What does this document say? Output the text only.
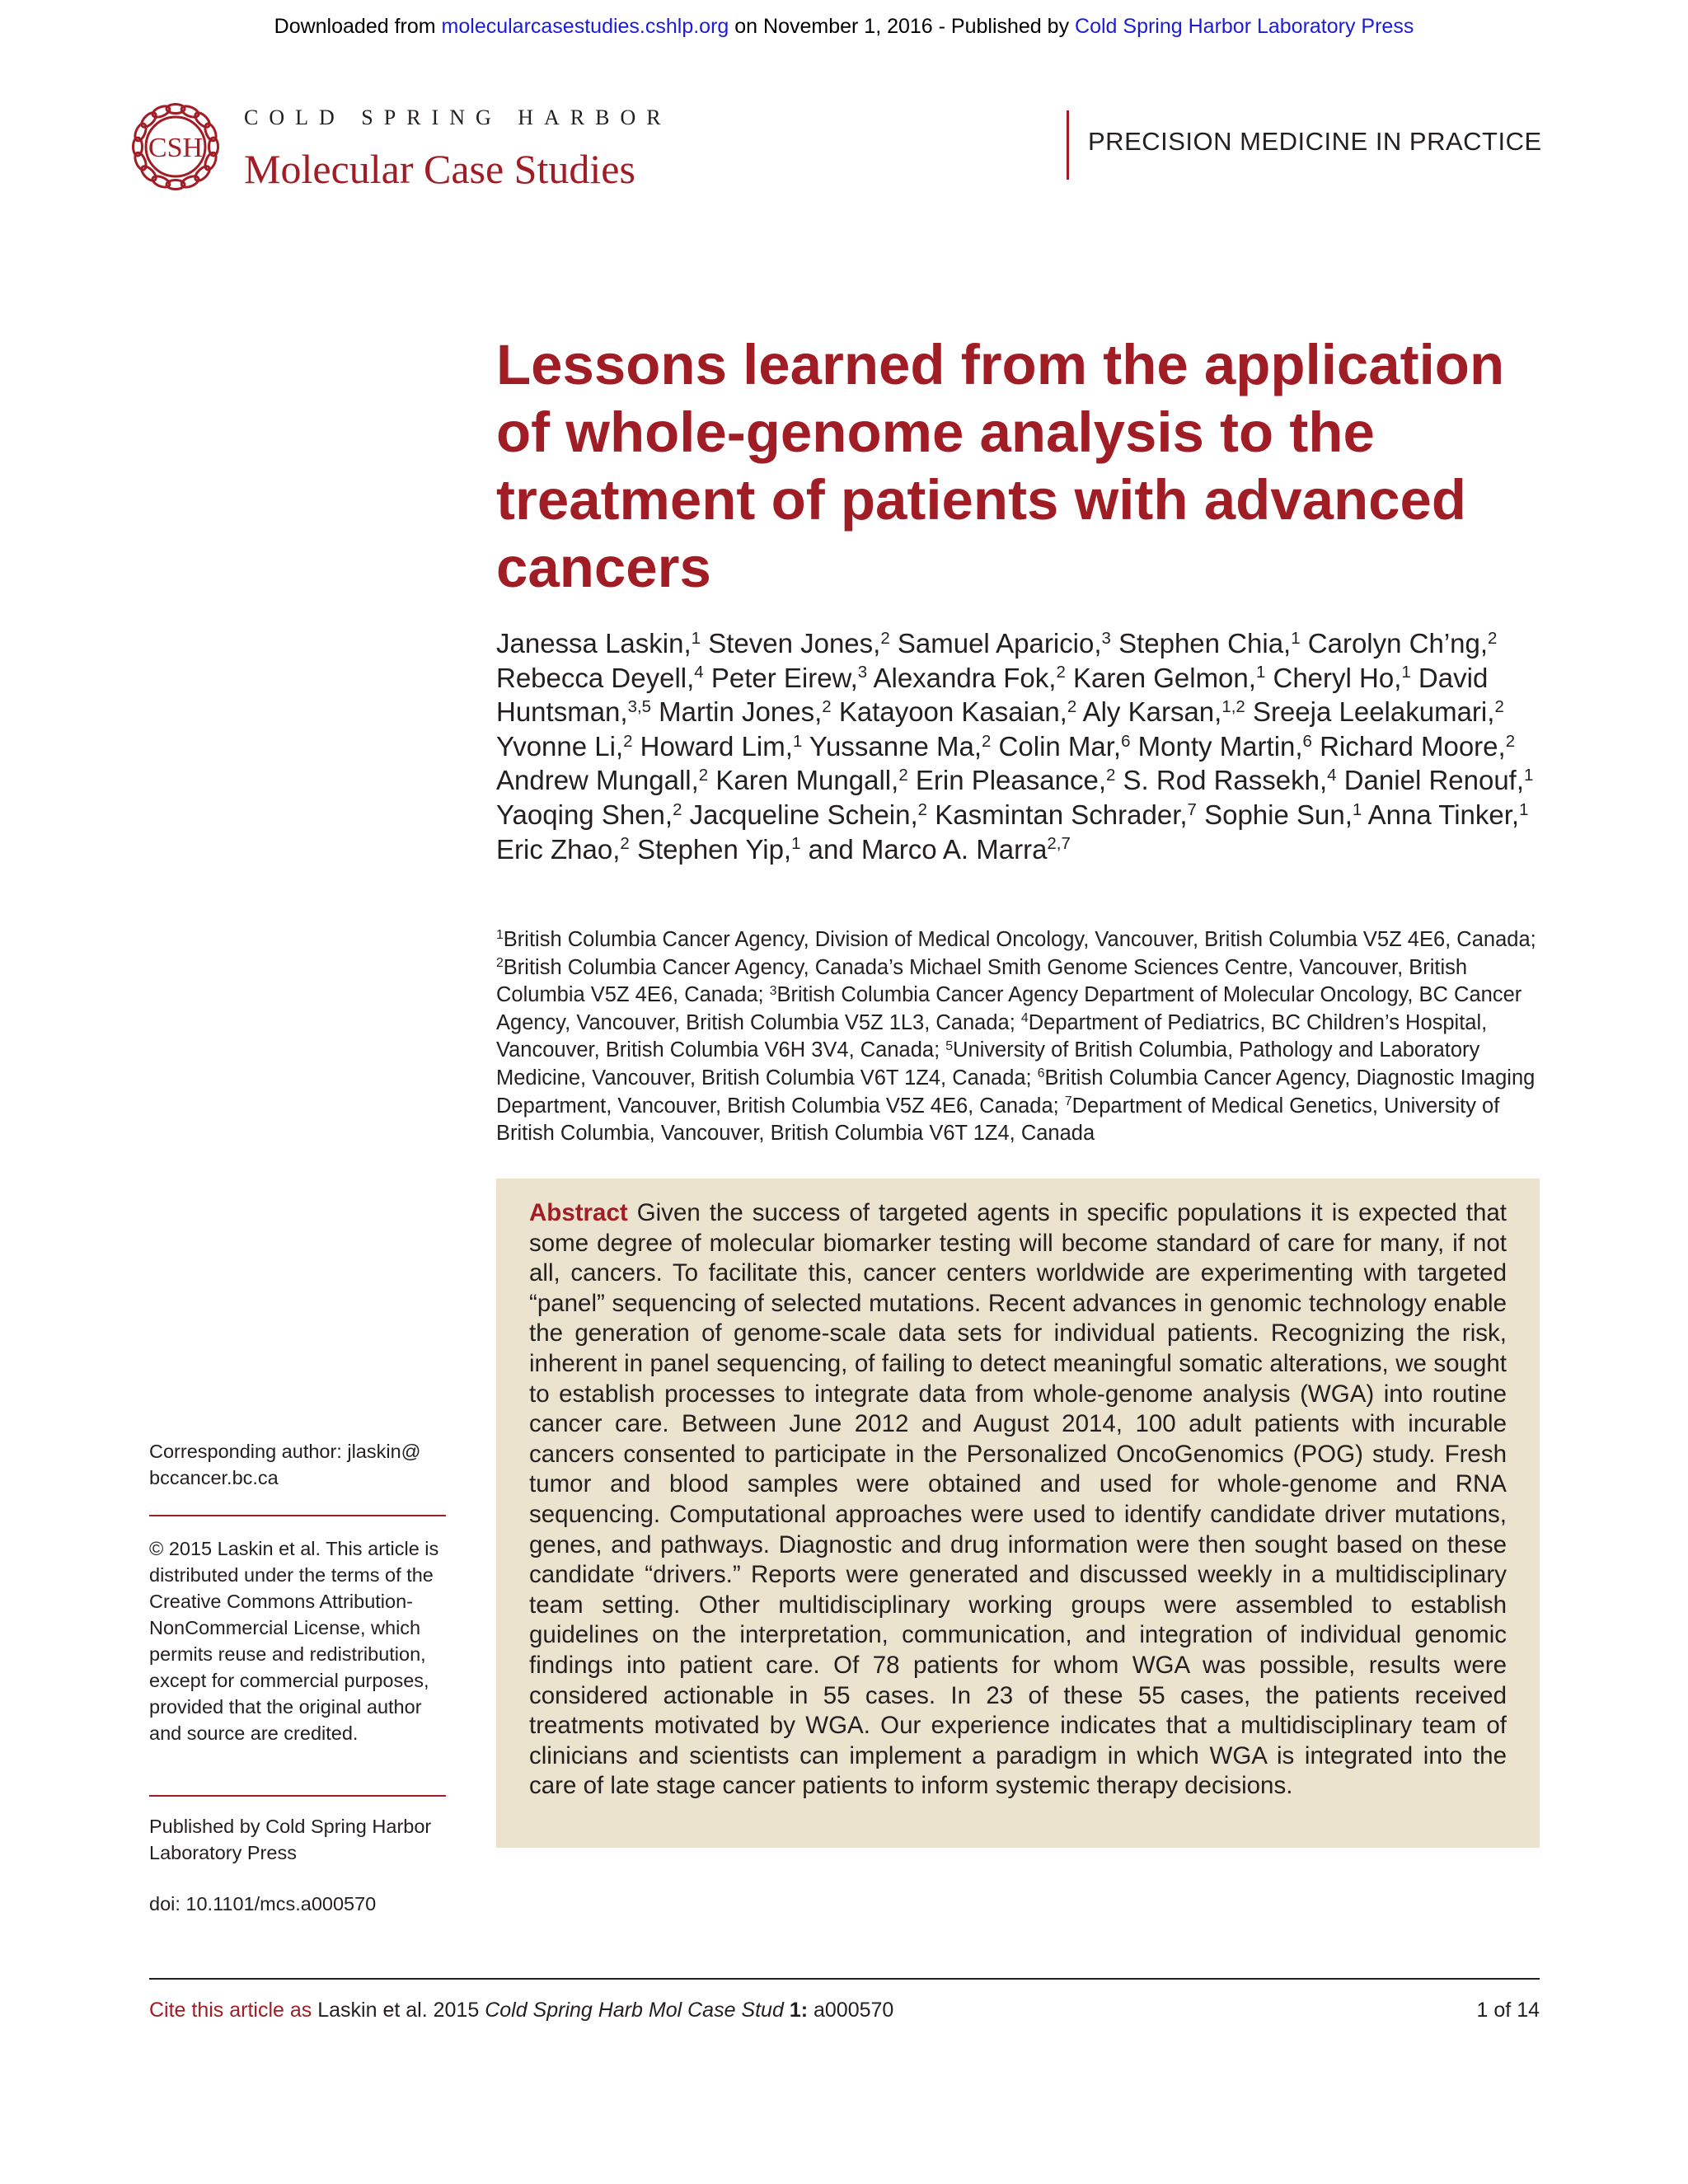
Downloaded from molecularcasestudies.cshlp.org on November 1, 2016 - Published by Cold Spring Harbor Laboratory Press
CSH
COLD SPRING HARBOR
Molecular Case Studies
PRECISION MEDICINE IN PRACTICE
Lessons learned from the application of whole-genome analysis to the treatment of patients with advanced cancers
Janessa Laskin,$^1$ Steven Jones,$^2$ Samuel Aparicio,$^3$ Stephen Chia,$^1$ Carolyn Ch’ng,$^2$ Rebecca Deyell,$^4$ Peter Eirew,$^3$ Alexandra Fok,$^2$ Karen Gelmon,$^1$ Cheryl Ho,$^1$ David Huntsman,$^{3,5}$ Martin Jones,$^2$ Katayoon Kasaian,$^2$ Aly Karsan,$^{1,2}$ Sreeja Leelakumari,$^2$ Yvonne Li,$^2$ Howard Lim,$^1$ Yussanne Ma,$^2$ Colin Mar,$^6$ Monty Martin,$^6$ Richard Moore,$^2$ Andrew Mungall,$^2$ Karen Mungall,$^2$ Erin Pleasance,$^2$ S. Rod Rassekh,$^4$ Daniel Renouf,$^1$ Yaoqing Shen,$^2$ Jacqueline Schein,$^2$ Kasmintan Schrader,$^7$ Sophie Sun,$^1$ Anna Tinker,$^1$ Eric Zhao,$^2$ Stephen Yip,$^1$ and Marco A. Marra$^{2,7}$
$^1$British Columbia Cancer Agency, Division of Medical Oncology, Vancouver, British Columbia V5Z 4E6, Canada; $^2$British Columbia Cancer Agency, Canada’s Michael Smith Genome Sciences Centre, Vancouver, British Columbia V5Z 4E6, Canada; $^3$British Columbia Cancer Agency Department of Molecular Oncology, BC Cancer Agency, Vancouver, British Columbia V5Z 1L3, Canada; $^4$Department of Pediatrics, BC Children’s Hospital, Vancouver, British Columbia V6H 3V4, Canada; $^5$University of British Columbia, Pathology and Laboratory Medicine, Vancouver, British Columbia V6T 1Z4, Canada; $^6$British Columbia Cancer Agency, Diagnostic Imaging Department, Vancouver, British Columbia V5Z 4E6, Canada; $^7$Department of Medical Genetics, University of British Columbia, Vancouver, British Columbia V6T 1Z4, Canada

Abstract Given the success of targeted agents in specific populations it is expected that some degree of molecular biomarker testing will become standard of care for many, if not all, cancers. To facilitate this, cancer centers worldwide are experimenting with targeted “panel” sequencing of selected mutations. Recent advances in genomic technology enable the generation of genome-scale data sets for individual patients. Recognizing the risk, inherent in panel sequencing, of failing to detect meaningful somatic alterations, we sought to establish processes to integrate data from whole-genome analysis (WGA) into routine cancer care. Between June 2012 and August 2014, 100 adult patients with incurable cancers consented to participate in the Personalized OncoGenomics (POG) study. Fresh tumor and blood samples were obtained and used for whole-genome and RNA sequencing. Computational approaches were used to identify candidate driver mutations, genes, and pathways. Diagnostic and drug information were then sought based on these candidate “drivers.” Reports were generated and discussed weekly in a multidisciplinary team setting. Other multidisciplinary working groups were assembled to establish guidelines on the interpretation, communication, and integration of individual genomic findings into patient care. Of 78 patients for whom WGA was possible, results were considered actionable in 55 cases. In 23 of these 55 cases, the patients received treatments motivated by WGA. Our experience indicates that a multidisciplinary team of clinicians and scientists can implement a paradigm in which WGA is integrated into the care of late stage cancer patients to inform systemic therapy decisions.

Corresponding author: jlaskin@ bccancer.bc.ca
© 2015 Laskin et al. This article is distributed under the terms of the Creative Commons Attribution-NonCommercial License, which permits reuse and redistribution, except for commercial purposes, provided that the original author and source are credited.
Published by Cold Spring Harbor Laboratory Press
doi: 10.1101/mcs.a000570
Cite this article as Laskin et al. 2015 Cold Spring Harb Mol Case Stud 1: a000570	1 of 14
